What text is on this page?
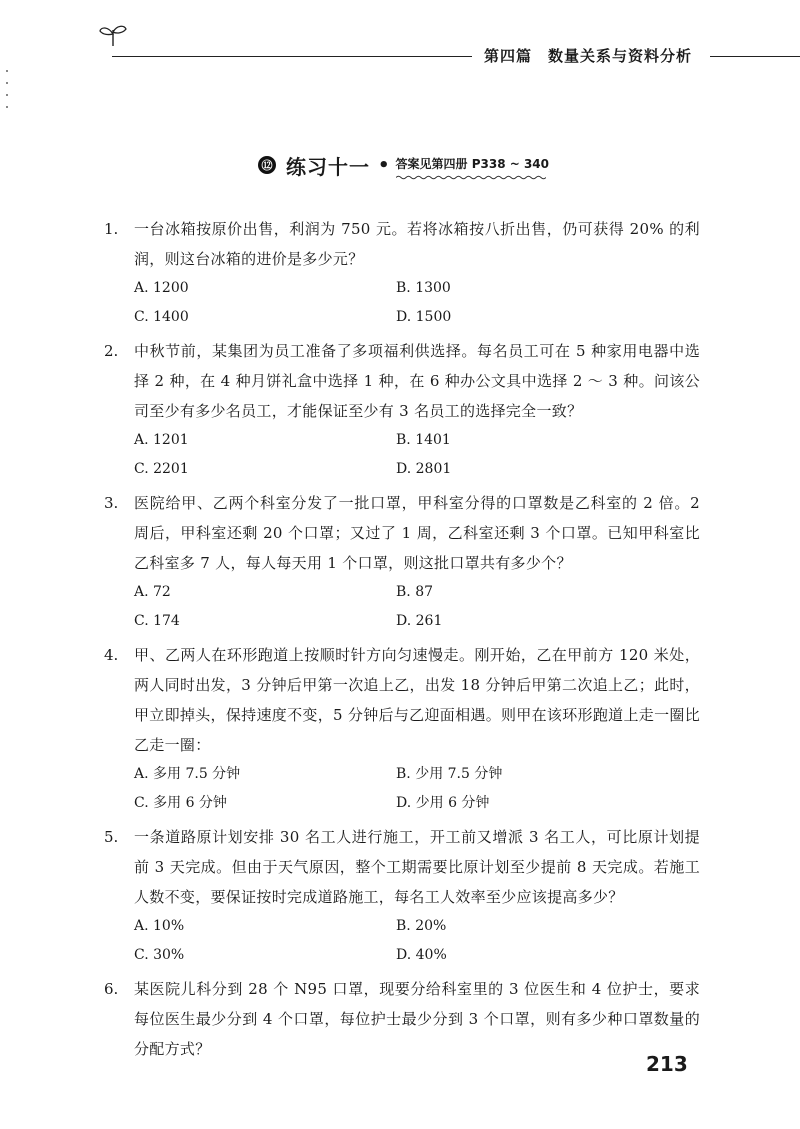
第四篇 数量关系与资料分析
⑫ 练习十一 • 答案见第四册 P338 ~ 340
1. 一台冰箱按原价出售，利润为 750 元。若将冰箱按八折出售，仍可获得 20% 的利润，则这台冰箱的进价是多少元？
A. 1200	B. 1300
C. 1400	D. 1500
2. 中秋节前，某集团为员工准备了多项福利供选择。每名员工可在 5 种家用电器中选择 2 种，在 4 种月饼礼盒中选择 1 种，在 6 种办公文具中选择 2 ～ 3 种。问该公司至少有多少名员工，才能保证至少有 3 名员工的选择完全一致？
A. 1201	B. 1401
C. 2201	D. 2801
3. 医院给甲、乙两个科室分发了一批口罩，甲科室分得的口罩数是乙科室的 2 倍。2 周后，甲科室还剩 20 个口罩；又过了 1 周，乙科室还剩 3 个口罩。已知甲科室比乙科室多 7 人，每人每天用 1 个口罩，则这批口罩共有多少个？
A. 72	B. 87
C. 174	D. 261
4. 甲、乙两人在环形跑道上按顺时针方向匀速慢走。刚开始，乙在甲前方 120 米处，两人同时出发，3 分钟后甲第一次追上乙，出发 18 分钟后甲第二次追上乙；此时，甲立即掉头，保持速度不变，5 分钟后与乙迎面相遇。则甲在该环形跑道上走一圈比乙走一圈：
A. 多用 7.5 分钟	B. 少用 7.5 分钟
C. 多用 6 分钟	D. 少用 6 分钟
5. 一条道路原计划安排 30 名工人进行施工，开工前又增派 3 名工人，可比原计划提前 3 天完成。但由于天气原因，整个工期需要比原计划至少提前 8 天完成。若施工人数不变，要保证按时完成道路施工，每名工人效率至少应该提高多少？
A. 10%	B. 20%
C. 30%	D. 40%
6. 某医院儿科分到 28 个 N95 口罩，现要分给科室里的 3 位医生和 4 位护士，要求每位医生最少分到 4 个口罩，每位护士最少分到 3 个口罩，则有多少种口罩数量的分配方式？
213
